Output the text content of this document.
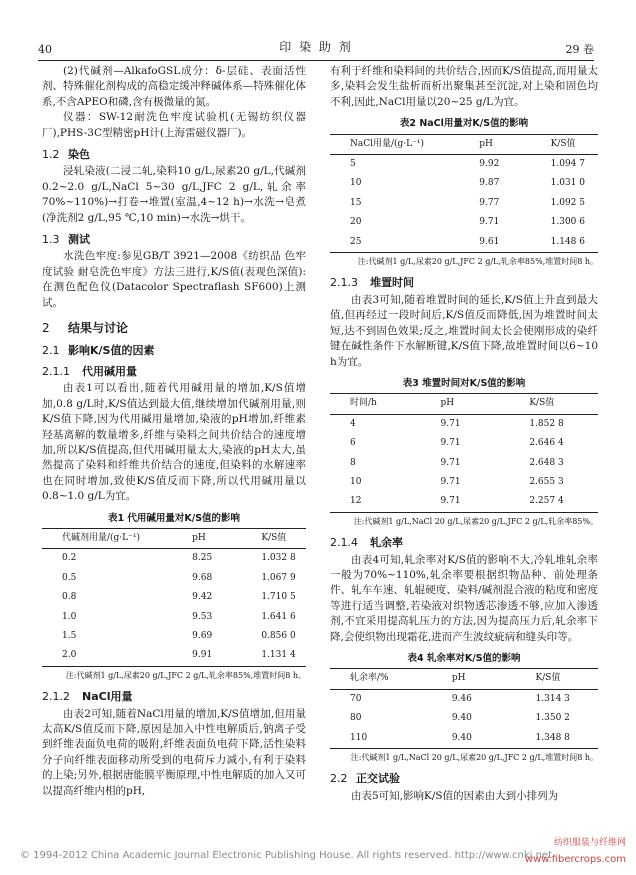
40	印 染 助 剂	29 卷

(2)代碱剂—AlkafoGSL成分：δ-层硅、表面活性剂、特殊催化剂构成的高稳定缓冲释碱体系—特殊催化体系,不含APEO和磷,含有极微量的氮。

仪器：SW-12耐洗色牢度试验机(无锡纺织仪器厂),PHS-3C型精密pH计(上海雷磁仪器厂)。

1.2 染色

浸轧染液(二浸二轧,染料10 g/L,尿素20 g/L,代碱剂0.2~2.0 g/L,NaCl 5~30 g/L,JFC 2 g/L,轧余率70%~110%)→打卷→堆置(室温,4~12 h)→水洗→皂煮(净洗剂2 g/L,95 ℃,10 min)→水洗→烘干。

1.3 测试

水洗色牢度:参见GB/T 3921—2008《纺织品 色牢度试验 耐皂洗色牢度》方法三进行,K/S值(表观色深值):在测色配色仪(Datacolor Spectraflash SF600)上测试。

2 结果与讨论
2.1 影响K/S值的因素
2.1.1 代用碱用量

由表1可以看出,随着代用碱用量的增加,K/S值增加,0.8 g/L时,K/S值达到最大值,继续增加代碱剂用量,则K/S值下降,因为代用碱用量增加,染液的pH增加,纤维素羟基离解的数量增多,纤维与染料之间共价结合的速度增加,所以K/S值提高,但代用碱用量太大,染液的pH太大,虽然提高了染料和纤维共价结合的速度,但染料的水解速率也在同时增加,致使K/S值反而下降,所以代用碱用量以0.8~1.0 g/L为宜。

表1 代用碱用量对K/S值的影响
代碱剂用量/(g·L⁻¹)	pH	K/S值
0.2	8.25	1.032 8
0.5	9.68	1.067 9
0.8	9.42	1.710 5
1.0	9.53	1.641 6
1.5	9.69	0.856 0
2.0	9.91	1.131 4
注:代碱剂1 g/L,尿素20 g/L,JFC 2 g/L,轧余率85%,堆置时间8 h。
2.1.2 NaCl用量

由表2可知,随着NaCl用量的增加,K/S值增加,但用量太高K/S值反而下降,原因是加入中性电解质后,钠离子受到纤维表面负电荷的吸附,纤维表面负电荷下降,活性染料分子向纤维表面移动所受到的电荷斥力减小,有利于染料的上染;另外,根据唐能膜平衡原理,中性电解质的加入又可以提高纤维内相的pH,

有利于纤维和染料间的共价结合,因而K/S值提高,而用量太多,染料会发生盐析而析出聚集甚至沉淀,对上染和固色均不利,因此,NaCl用量以20~25 g/L为宜。

表2 NaCl用量对K/S值的影响
NaCl用量/(g·L⁻¹)	pH	K/S值
5	9.92	1.094 7
10	9.87	1.031 0
15	9.77	1.092 5
20	9.71	1.300 6
25	9.61	1.148 6
注:代碱剂1 g/L,尿素20 g/L,JFC 2 g/L,轧余率85%,堆置时间8 h。
2.1.3 堆置时间

由表3可知,随着堆置时间的延长,K/S值上升直到最大值,但再经过一段时间后,K/S值反而降低,因为堆置时间太短,达不到固色效果;反之,堆置时间太长会使刚形成的染纤键在碱性条件下水解断键,K/S值下降,故堆置时间以6~10 h为宜。

表3 堆置时间对K/S值的影响
时间/h	pH	K/S值
4	9.71	1.852 8
6	9.71	2.646 4
8	9.71	2.648 3
10	9.71	2.655 3
12	9.71	2.257 4
注:代碱剂1 g/L,NaCl 20 g/L,尿素20 g/L,JFC 2 g/L,轧余率85%。
2.1.4 轧余率

由表4可知,轧余率对K/S值的影响不大,冷轧堆轧余率一般为70%~110%,轧余率要根据织物品种、前处理条件、轧车车速、轧辊硬度、染料/碱剂混合液的粘度和密度等进行适当调整,若染液对织物透芯渗透不够,应加入渗透剂,不宜采用提高轧压力的方法,因为提高压力后,轧余率下降,会使织物出现霜花,进而产生波纹疵病和缝头印等。

表4 轧余率对K/S值的影响
轧余率/%	pH	K/S值
70	9.46	1.314 3
80	9.40	1.350 2
110	9.40	1.348 8
注:代碱剂1 g/L,NaCl 20 g/L,尿素20 g/L,JFC 2 g/L,堆置时间8 h。
2.2 正交试验

由表5可知,影响K/S值的因素由大到小排列为

© 1994-2012 China Academic Journal Electronic Publishing House. All rights reserved. http://www.cnki.net
纺织服装与纤维网
www.fibercrops.com
